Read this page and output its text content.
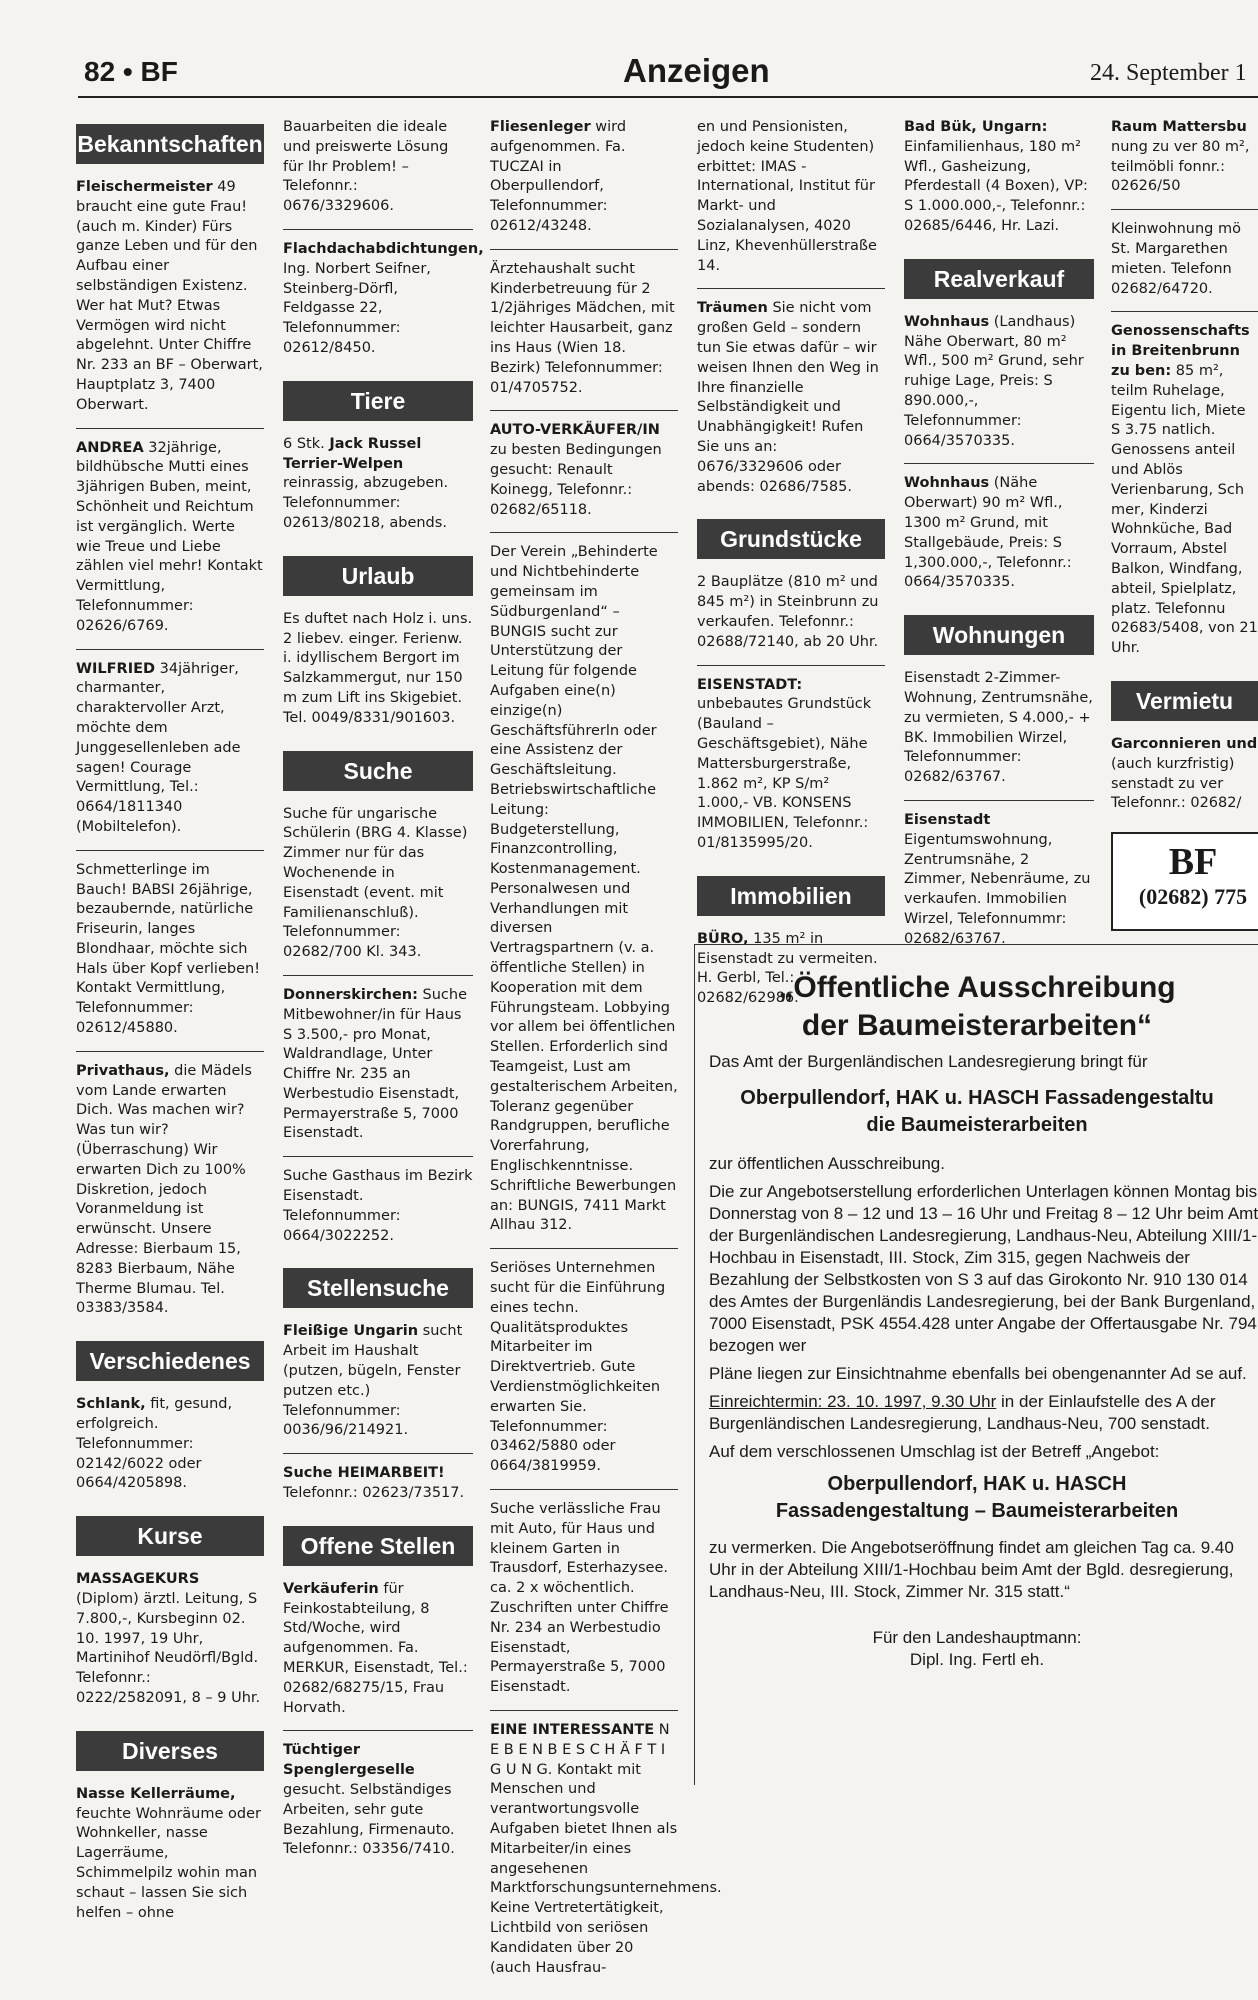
82 • BF	Anzeigen	24. September 1
Bekanntschaften

Fleischermeister 49 braucht eine gute Frau! (auch m. Kinder) Fürs ganze Leben und für den Aufbau einer selbständigen Existenz. Wer hat Mut? Etwas Vermögen wird nicht abgelehnt. Unter Chiffre Nr. 233 an BF – Oberwart, Hauptplatz 3, 7400 Oberwart.

ANDREA 32jährige, bildhübsche Mutti eines 3jährigen Buben, meint, Schönheit und Reichtum ist vergänglich. Werte wie Treue und Liebe zählen viel mehr! Kontakt Vermittlung, Telefonnummer: 02626/6769.

WILFRIED 34jähriger, charmanter, charaktervoller Arzt, möchte dem Junggesellenleben ade sagen! Courage Vermittlung, Tel.: 0664/1811340 (Mobiltelefon).

Schmetterlinge im Bauch! BABSI 26jährige, bezaubernde, natürliche Friseurin, langes Blondhaar, möchte sich Hals über Kopf verlieben! Kontakt Vermittlung, Telefonnummer: 02612/45880.

Privathaus, die Mädels vom Lande erwarten Dich. Was machen wir? Was tun wir? (Überraschung) Wir erwarten Dich zu 100% Diskretion, jedoch Voranmeldung ist erwünscht. Unsere Adresse: Bierbaum 15, 8283 Bierbaum, Nähe Therme Blumau. Tel. 03383/3584.

Verschiedenes

Schlank, fit, gesund, erfolgreich. Telefonnummer: 02142/6022 oder 0664/4205898.

Kurse

MASSAGEKURS (Diplom) ärztl. Leitung, S 7.800,-, Kursbeginn 02. 10. 1997, 19 Uhr, Martinihof Neudörfl/Bgld. Telefonnr.: 0222/2582091, 8 – 9 Uhr.

Diverses

Nasse Kellerräume, feuchte Wohnräume oder Wohnkeller, nasse Lagerräume, Schimmelpilz wohin man schaut – lassen Sie sich helfen – ohne

Bauarbeiten die ideale und preiswerte Lösung für Ihr Problem! – Telefonnr.: 0676/3329606.

Flachdachabdichtungen, Ing. Norbert Seifner, Steinberg-Dörfl, Feldgasse 22, Telefonnummer: 02612/8450.

Tiere

6 Stk. Jack Russel Terrier-Welpen reinrassig, abzugeben. Telefonnummer: 02613/80218, abends.

Urlaub

Es duftet nach Holz i. uns. 2 liebev. einger. Ferienw. i. idyllischem Bergort im Salzkammergut, nur 150 m zum Lift ins Skigebiet. Tel. 0049/8331/901603.

Suche

Suche für ungarische Schülerin (BRG 4. Klasse) Zimmer nur für das Wochenende in Eisenstadt (event. mit Familienanschluß). Telefonnummer: 02682/700 Kl. 343.

Donnerskirchen: Suche Mitbewohner/in für Haus S 3.500,- pro Monat, Waldrandlage, Unter Chiffre Nr. 235 an Werbestudio Eisenstadt, Permayerstraße 5, 7000 Eisenstadt.

Suche Gasthaus im Bezirk Eisenstadt. Telefonnummer: 0664/3022252.

Stellensuche

Fleißige Ungarin sucht Arbeit im Haushalt (putzen, bügeln, Fenster putzen etc.) Telefonnummer: 0036/96/214921.

Suche HEIMARBEIT! Telefonnr.: 02623/73517.

Offene Stellen

Verkäuferin für Feinkostabteilung, 8 Std/Woche, wird aufgenommen. Fa. MERKUR, Eisenstadt, Tel.: 02682/68275/15, Frau Horvath.

Tüchtiger Spenglergeselle gesucht. Selbständiges Arbeiten, sehr gute Bezahlung, Firmenauto. Telefonnr.: 03356/7410.

Fliesenleger wird aufgenommen. Fa. TUCZAI in Oberpullendorf, Telefonnummer: 02612/43248.

Ärztehaushalt sucht Kinderbetreuung für 2 1/2jähriges Mädchen, mit leichter Hausarbeit, ganz ins Haus (Wien 18. Bezirk) Telefonnummer: 01/4705752.

AUTO-VERKÄUFER/IN zu besten Bedingungen gesucht: Renault Koinegg, Telefonnr.: 02682/65118.

Der Verein „Behinderte und Nichtbehinderte gemeinsam im Südburgenland“ – BUNGIS sucht zur Unterstützung der Leitung für folgende Aufgaben eine(n) einzige(n) Geschäftsführerln oder eine Assistenz der Geschäftsleitung. Betriebswirtschaftliche Leitung: Budgeterstellung, Finanzcontrolling, Kostenmanagement. Personalwesen und Verhandlungen mit diversen Vertragspartnern (v. a. öffentliche Stellen) in Kooperation mit dem Führungsteam. Lobbying vor allem bei öffentlichen Stellen. Erforderlich sind Teamgeist, Lust am gestalterischem Arbeiten, Toleranz gegenüber Randgruppen, berufliche Vorerfahrung, Englischkenntnisse. Schriftliche Bewerbungen an: BUNGIS, 7411 Markt Allhau 312.

Seriöses Unternehmen sucht für die Einführung eines techn. Qualitätsproduktes Mitarbeiter im Direktvertrieb. Gute Verdienstmöglichkeiten erwarten Sie. Telefonnummer: 03462/5880 oder 0664/3819959.

Suche verlässliche Frau mit Auto, für Haus und kleinem Garten in Trausdorf, Esterhazysee. ca. 2 x wöchentlich. Zuschriften unter Chiffre Nr. 234 an Werbestudio Eisenstadt, Permayerstraße 5, 7000 Eisenstadt.

EINE INTERESSANTE N E B E N B E S C H Ä F T I G U N G. Kontakt mit Menschen und verantwortungsvolle Aufgaben bietet Ihnen als Mitarbeiter/in eines angesehenen Marktforschungsunternehmens. Keine Vertretertätigkeit, Lichtbild von seriösen Kandidaten über 20 (auch Hausfrau-

en und Pensionisten, jedoch keine Studenten) erbittet: IMAS - International, Institut für Markt- und Sozialanalysen, 4020 Linz, Khevenhüllerstraße 14.

Träumen Sie nicht vom großen Geld – sondern tun Sie etwas dafür – wir weisen Ihnen den Weg in Ihre finanzielle Selbständigkeit und Unabhängigkeit! Rufen Sie uns an: 0676/3329606 oder abends: 02686/7585.

Grundstücke

2 Bauplätze (810 m² und 845 m²) in Steinbrunn zu verkaufen. Telefonnr.: 02688/72140, ab 20 Uhr.

EISENSTADT: unbebautes Grundstück (Bauland – Geschäftsgebiet), Nähe Mattersburgerstraße, 1.862 m², KP S/m² 1.000,- VB. KONSENS IMMOBILIEN, Telefonnr.: 01/8135995/20.

Immobilien

BÜRO, 135 m² in Eisenstadt zu vermeiten. H. Gerbl, Tel.: 02682/62986.

Bad Bük, Ungarn: Einfamilienhaus, 180 m² Wfl., Gasheizung, Pferdestall (4 Boxen), VP: S 1.000.000,-, Telefonnr.: 02685/6446, Hr. Lazi.

Realverkauf

Wohnhaus (Landhaus) Nähe Oberwart, 80 m² Wfl., 500 m² Grund, sehr ruhige Lage, Preis: S 890.000,-, Telefonnummer: 0664/3570335.

Wohnhaus (Nähe Oberwart) 90 m² Wfl., 1300 m² Grund, mit Stallgebäude, Preis: S 1,300.000,-, Telefonnr.: 0664/3570335.

Wohnungen

Eisenstadt 2-Zimmer-Wohnung, Zentrumsnähe, zu vermieten, S 4.000,- + BK. Immobilien Wirzel, Telefonnummer: 02682/63767.

Eisenstadt Eigentumswohnung, Zentrumsnähe, 2 Zimmer, Nebenräume, zu verkaufen. Immobilien Wirzel, Telefonnummr: 02682/63767.

Raum Mattersbu nung zu ver 80 m², teilmöbli fonnr.: 02626/50

Kleinwohnung mö St. Margarethen mieten. Telefonn 02682/64720.

Genossenschafts in Breitenbrunn zu ben: 85 m², teilm Ruhelage, Eigentu lich, Miete S 3.75 natlich. Genossens anteil und Ablös Verienbarung, Sch mer, Kinderzi Wohnküche, Bad Vorraum, Abstel Balkon, Windfang, abteil, Spielplatz, platz. Telefonnu 02683/5408, von 21 Uhr.

Vermietu

Garconnieren und (auch kurzfristig) senstadt zu ver Telefonnr.: 02682/

BF
(02682) 775
„Öffentliche Ausschreibung
der Baumeisterarbeiten“

Das Amt der Burgenländischen Landesregierung bringt für

Oberpullendorf, HAK u. HASCH Fassadengestaltu
die Baumeisterarbeiten

zur öffentlichen Ausschreibung.

Die zur Angebotserstellung erforderlichen Unterlagen können Montag bis Donnerstag von 8 – 12 und 13 – 16 Uhr und Freitag 8 – 12 Uhr beim Amt der Burgenländischen Landesregierung, Landhaus-Neu, Abteilung XIII/1-Hochbau in Eisenstadt, III. Stock, Zim 315, gegen Nachweis der Bezahlung der Selbstkosten von S 3 auf das Girokonto Nr. 910 130 014 des Amtes der Burgenländis Landesregierung, bei der Bank Burgenland, 7000 Eisenstadt, PSK 4554.428 unter Angabe der Offertausgabe Nr. 794 bezogen wer

Pläne liegen zur Einsichtnahme ebenfalls bei obengenannter Ad se auf.

Einreichtermin: 23. 10. 1997, 9.30 Uhr in der Einlaufstelle des A der Burgenländischen Landesregierung, Landhaus-Neu, 700 senstadt.

Auf dem verschlossenen Umschlag ist der Betreff „Angebot:

Oberpullendorf, HAK u. HASCH
Fassadengestaltung – Baumeisterarbeiten

zu vermerken. Die Angebotseröffnung findet am gleichen Tag ca. 9.40 Uhr in der Abteilung XIII/1-Hochbau beim Amt der Bgld. desregierung, Landhaus-Neu, III. Stock, Zimmer Nr. 315 statt.“

Für den Landeshauptmann:
Dipl. Ing. Fertl eh.
